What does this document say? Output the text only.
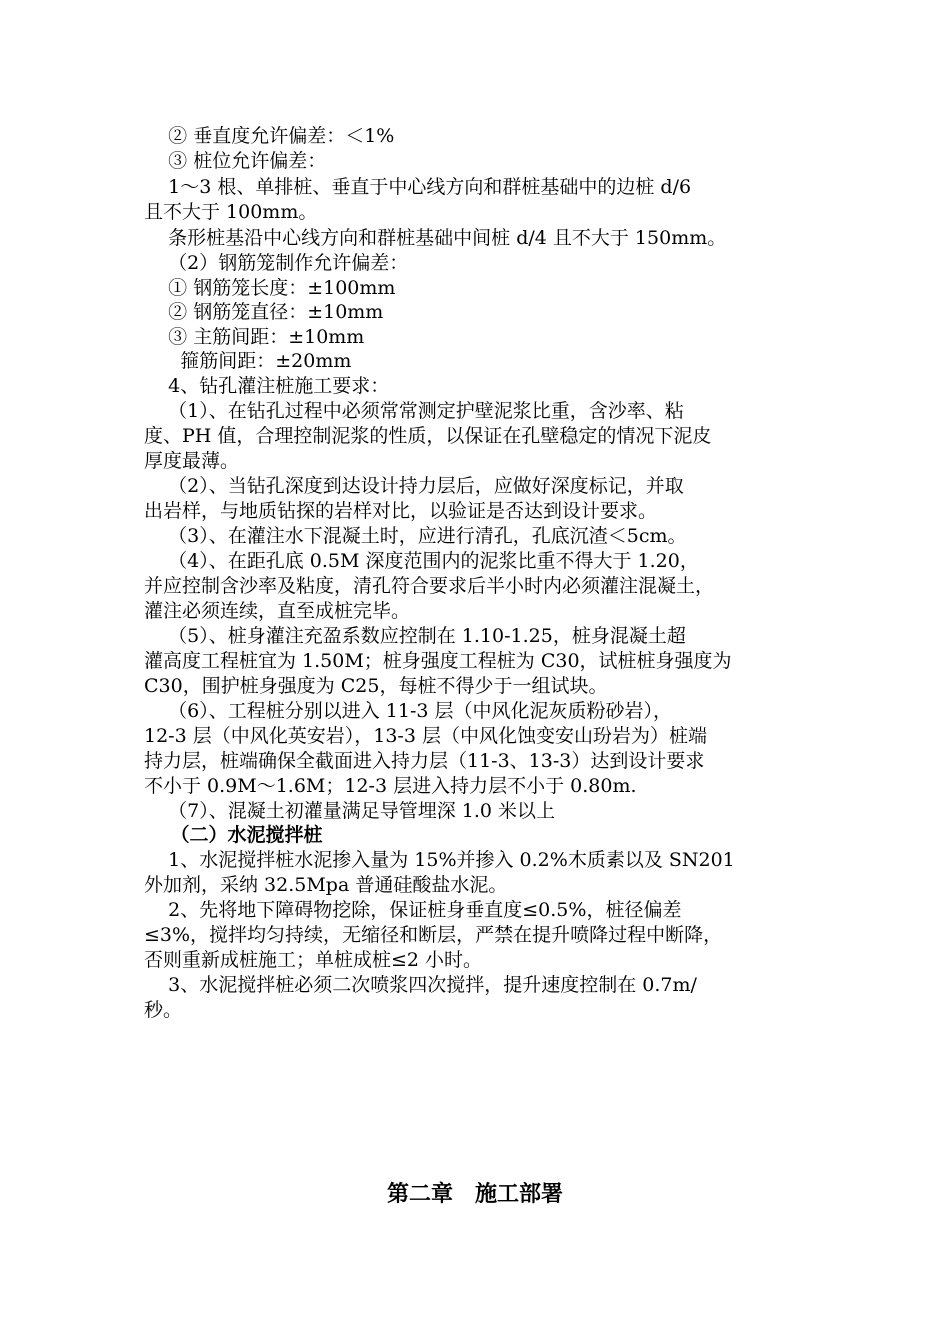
② 垂直度允许偏差：＜1%
③ 桩位允许偏差：
1～3 根、单排桩、垂直于中心线方向和群桩基础中的边桩 d/6
且不大于 100mm。
条形桩基沿中心线方向和群桩基础中间桩 d/4 且不大于 150mm。
（2）钢筋笼制作允许偏差：
① 钢筋笼长度：±100mm
② 钢筋笼直径：±10mm
③ 主筋间距：±10mm
箍筋间距：±20mm
4、钻孔灌注桩施工要求：
（1）、在钻孔过程中必须常常测定护壁泥浆比重，含沙率、粘
度、PH 值，合理控制泥浆的性质，以保证在孔壁稳定的情况下泥皮
厚度最薄。
（2）、当钻孔深度到达设计持力层后，应做好深度标记，并取
出岩样，与地质钻探的岩样对比，以验证是否达到设计要求。
（3）、在灌注水下混凝土时，应进行清孔，孔底沉渣＜5cm。
（4）、在距孔底 0.5M 深度范围内的泥浆比重不得大于 1.20，
并应控制含沙率及粘度，清孔符合要求后半小时内必须灌注混凝土，
灌注必须连续，直至成桩完毕。
（5）、桩身灌注充盈系数应控制在 1.10-1.25，桩身混凝土超
灌高度工程桩宜为 1.50M；桩身强度工程桩为 C30，试桩桩身强度为
C30，围护桩身强度为 C25，每桩不得少于一组试块。
（6）、工程桩分别以进入 11-3 层（中风化泥灰质粉砂岩），
12-3 层（中风化英安岩），13-3 层（中风化蚀变安山玢岩为）桩端
持力层，桩端确保全截面进入持力层（11-3、13-3）达到设计要求
不小于 0.9M～1.6M；12-3 层进入持力层不小于 0.80m.
（7）、混凝土初灌量满足导管埋深 1.0 米以上
（二）水泥搅拌桩
1、水泥搅拌桩水泥掺入量为 15%并掺入 0.2%木质素以及 SN201
外加剂，采纳 32.5Mpa 普通硅酸盐水泥。
2、先将地下障碍物挖除，保证桩身垂直度≤0.5%，桩径偏差
≤3%，搅拌均匀持续，无缩径和断层，严禁在提升喷降过程中断降，
否则重新成桩施工；单桩成桩≤2 小时。
3、水泥搅拌桩必须二次喷浆四次搅拌，提升速度控制在 0.7m/
秒。
第二章　施工部署
